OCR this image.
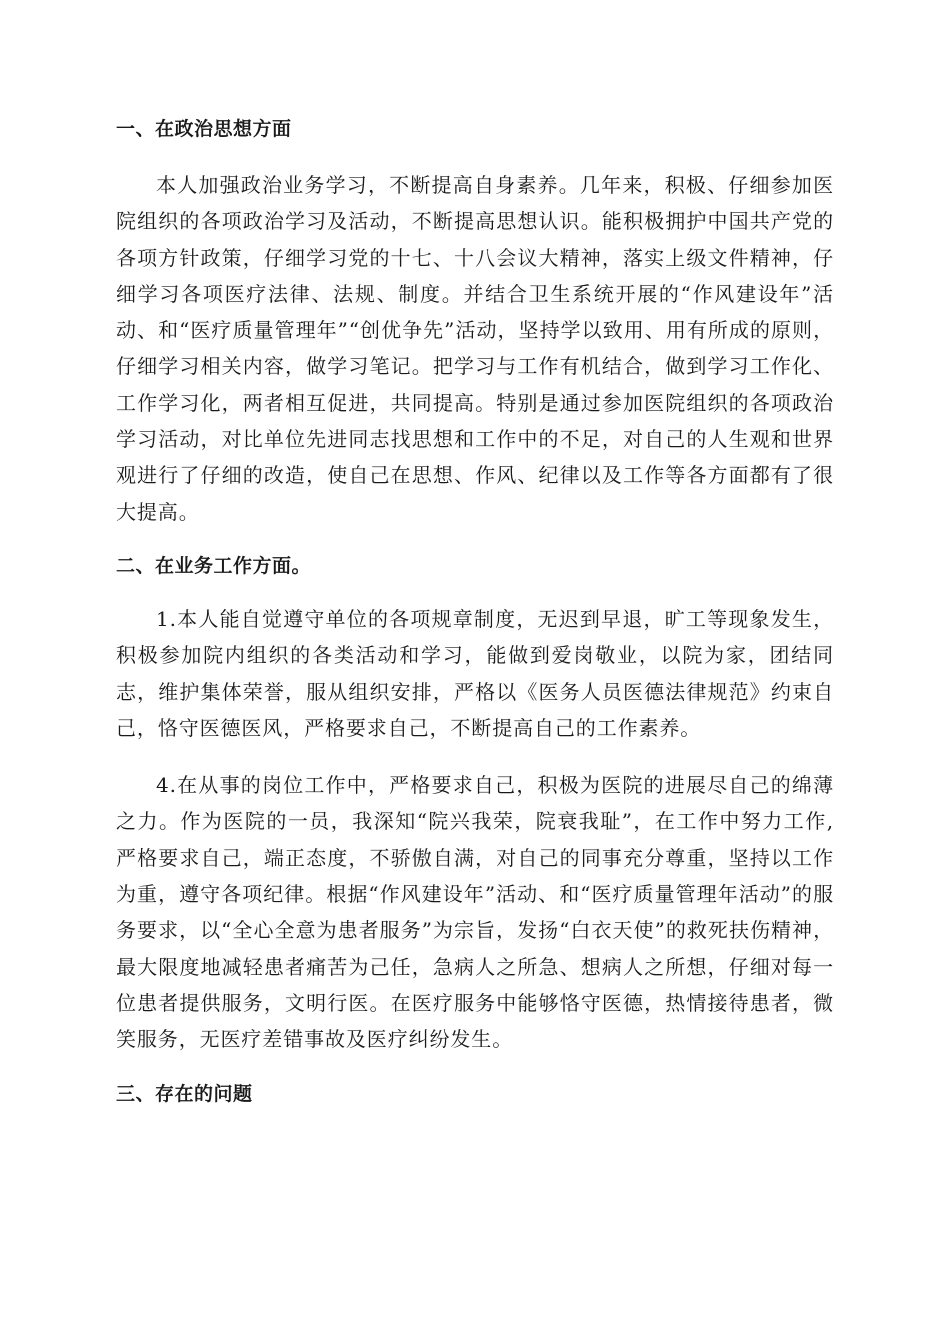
一、在政治思想方面

本人加强政治业务学习，不断提高自身素养。几年来，积极、仔细参加医院组织的各项政治学习及活动，不断提高思想认识。能积极拥护中国共产党的各项方针政策，仔细学习党的十七、十八会议大精神，落实上级文件精神，仔细学习各项医疗法律、法规、制度。并结合卫生系统开展的“作风建设年”活动、和“医疗质量管理年”“创优争先”活动，坚持学以致用、用有所成的原则，仔细学习相关内容，做学习笔记。把学习与工作有机结合，做到学习工作化、工作学习化，两者相互促进，共同提高。特别是通过参加医院组织的各项政治学习活动，对比单位先进同志找思想和工作中的不足，对自己的人生观和世界观进行了仔细的改造，使自己在思想、作风、纪律以及工作等各方面都有了很大提高。

二、在业务工作方面。

1.本人能自觉遵守单位的各项规章制度，无迟到早退，旷工等现象发生，积极参加院内组织的各类活动和学习，能做到爱岗敬业，以院为家，团结同志，维护集体荣誉，服从组织安排，严格以《医务人员医德法律规范》约束自己，恪守医德医风，严格要求自己，不断提高自己的工作素养。

4.在从事的岗位工作中，严格要求自己，积极为医院的进展尽自己的绵薄之力。作为医院的一员，我深知“院兴我荣，院衰我耻”，在工作中努力工作,严格要求自己，端正态度，不骄傲自满，对自己的同事充分尊重，坚持以工作为重，遵守各项纪律。根据“作风建设年”活动、和“医疗质量管理年活动”的服务要求，以“全心全意为患者服务”为宗旨，发扬“白衣天使”的救死扶伤精神，最大限度地减轻患者痛苦为己任，急病人之所急、想病人之所想，仔细对每一位患者提供服务，文明行医。在医疗服务中能够恪守医德，热情接待患者，微笑服务，无医疗差错事故及医疗纠纷发生。

三、存在的问题
